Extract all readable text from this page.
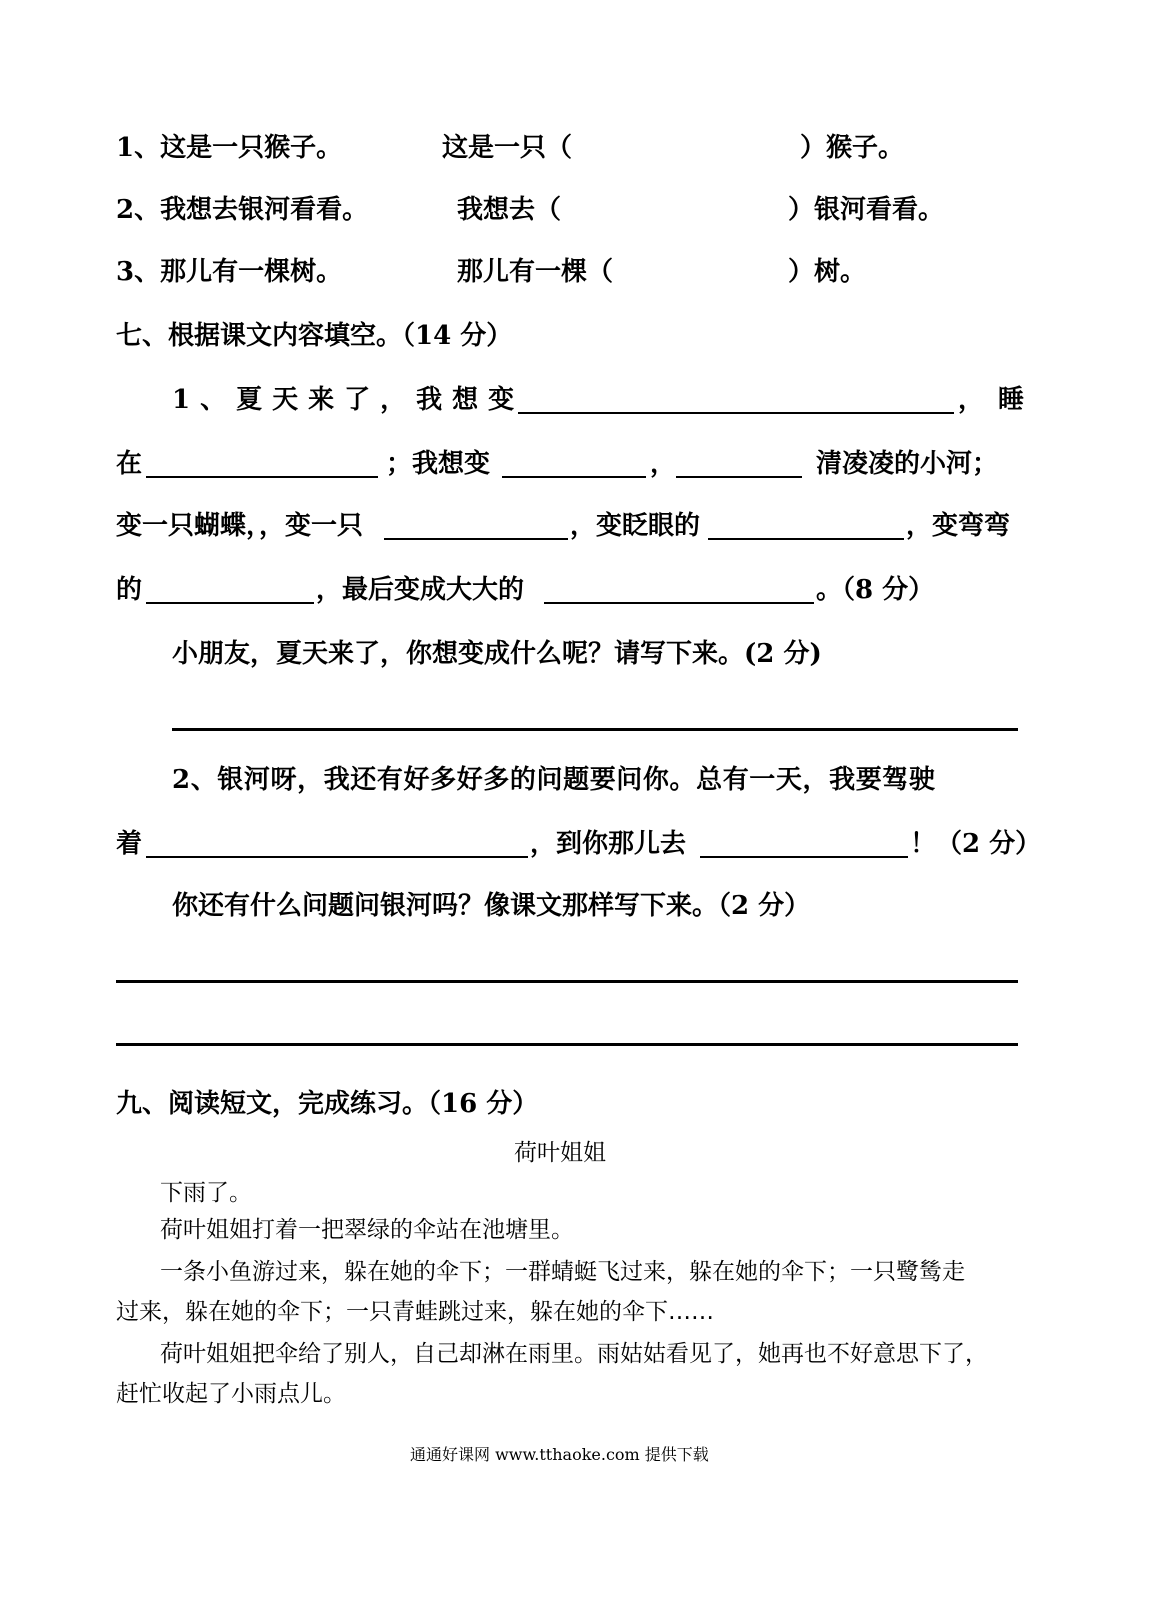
1、这是一只猴子。	这是一只（	）猴子。
2、我想去银河看看。	我想去（	）银河看看。
3、那儿有一棵树。	那儿有一棵（	）树。
七、根据课文内容填空。（14 分）
1、夏天来了，我想变	，睡
在	；我想变	，	清凌凌的小河；
变一只蝴蝶，，变一只	，变眨眼的	，变弯弯
的	，最后变成大大的	。（8 分）
小朋友，夏天来了，你想变成什么呢？请写下来。(2 分)
2、银河呀，我还有好多好多的问题要问你。总有一天，我要驾驶
着	，到你那儿去	！（2 分）
你还有什么问题问银河吗？像课文那样写下来。（2 分）
九、阅读短文，完成练习。（16 分）
荷叶姐姐
下雨了。
荷叶姐姐打着一把翠绿的伞站在池塘里。
一条小鱼游过来，躲在她的伞下；一群蜻蜓飞过来，躲在她的伞下；一只鹭鸶走
过来，躲在她的伞下；一只青蛙跳过来，躲在她的伞下……
荷叶姐姐把伞给了别人，自己却淋在雨里。雨姑姑看见了，她再也不好意思下了，
赶忙收起了小雨点儿。
通通好课网 www.tthaoke.com 提供下载
